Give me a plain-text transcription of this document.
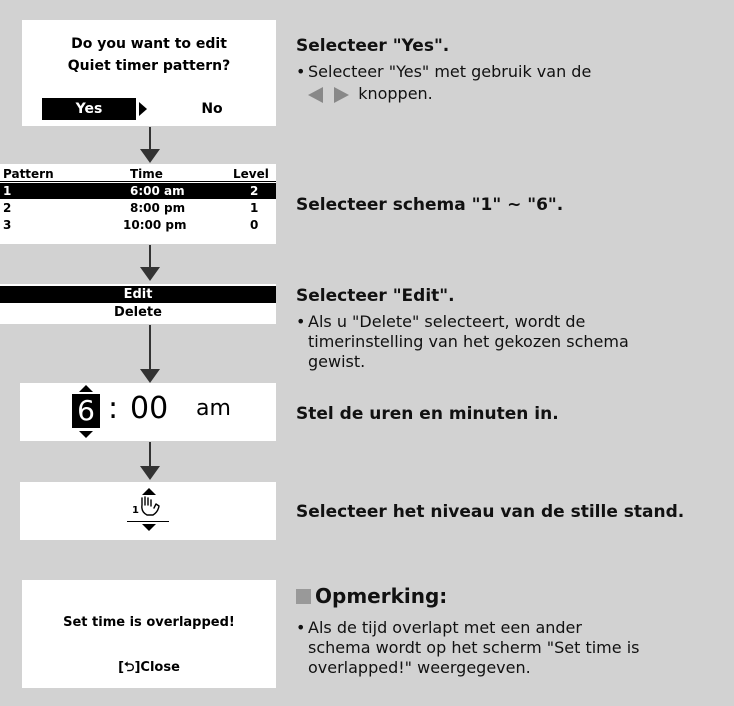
Do you want to edit
Quiet timer pattern?
Yes	No
Selecteer "Yes".
• Selecteer "Yes" met gebruik van de
knoppen.
Pattern	Time	Level
1	6:00 am	2
2	8:00 pm	1
3	10:00 pm	0
Selecteer schema "1" ~ "6".
Edit
Delete
Selecteer "Edit".
• Als u "Delete" selecteert, wordt de
timerinstelling van het gekozen schema
gewist.
6 : 00 am	Stel de uren en minuten in.
1	Selecteer het niveau van de stille stand.
Set time is overlapped!
[⮌]Close
Opmerking:
• Als de tijd overlapt met een ander
schema wordt op het scherm "Set time is
overlapped!" weergegeven.
